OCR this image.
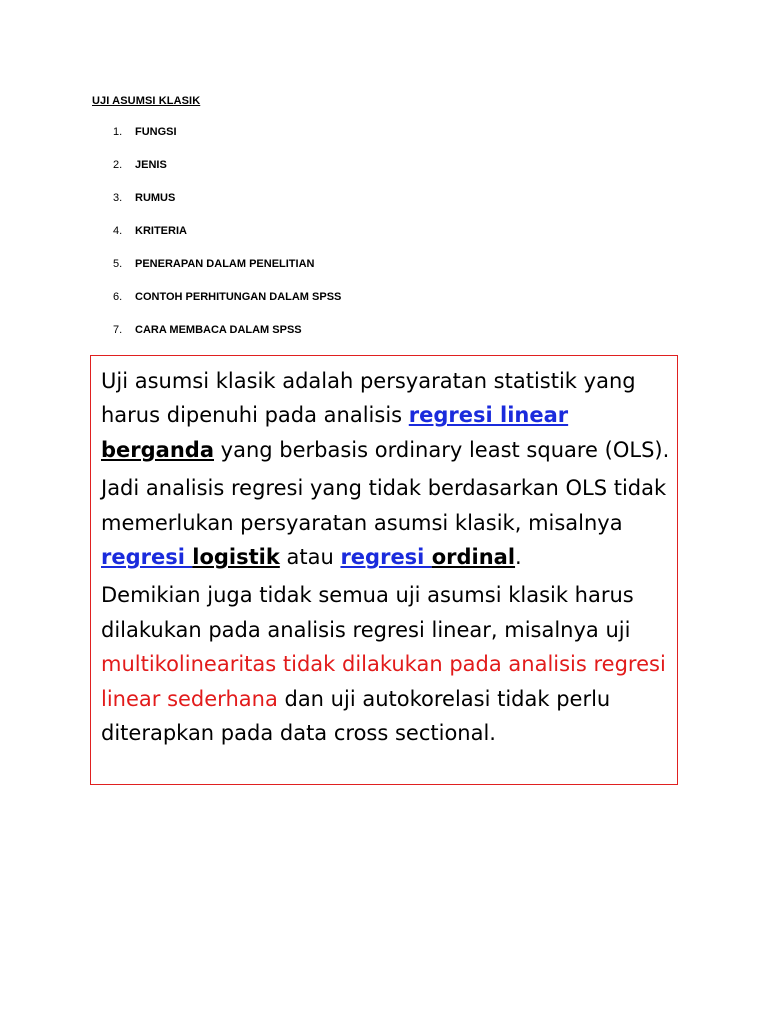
UJI ASUMSI KLASIK
1. FUNGSI
2. JENIS
3. RUMUS
4. KRITERIA
5. PENERAPAN DALAM PENELITIAN
6. CONTOH PERHITUNGAN DALAM SPSS
7. CARA MEMBACA DALAM SPSS

Uji asumsi klasik adalah persyaratan statistik yang harus dipenuhi pada analisis regresi linear berganda yang berbasis ordinary least square (OLS).

Jadi analisis regresi yang tidak berdasarkan OLS tidak memerlukan persyaratan asumsi klasik, misalnya regresi logistik atau regresi ordinal.

Demikian juga tidak semua uji asumsi klasik harus dilakukan pada analisis regresi linear, misalnya uji multikolinearitas tidak dilakukan pada analisis regresi linear sederhana dan uji autokorelasi tidak perlu diterapkan pada data cross sectional.
